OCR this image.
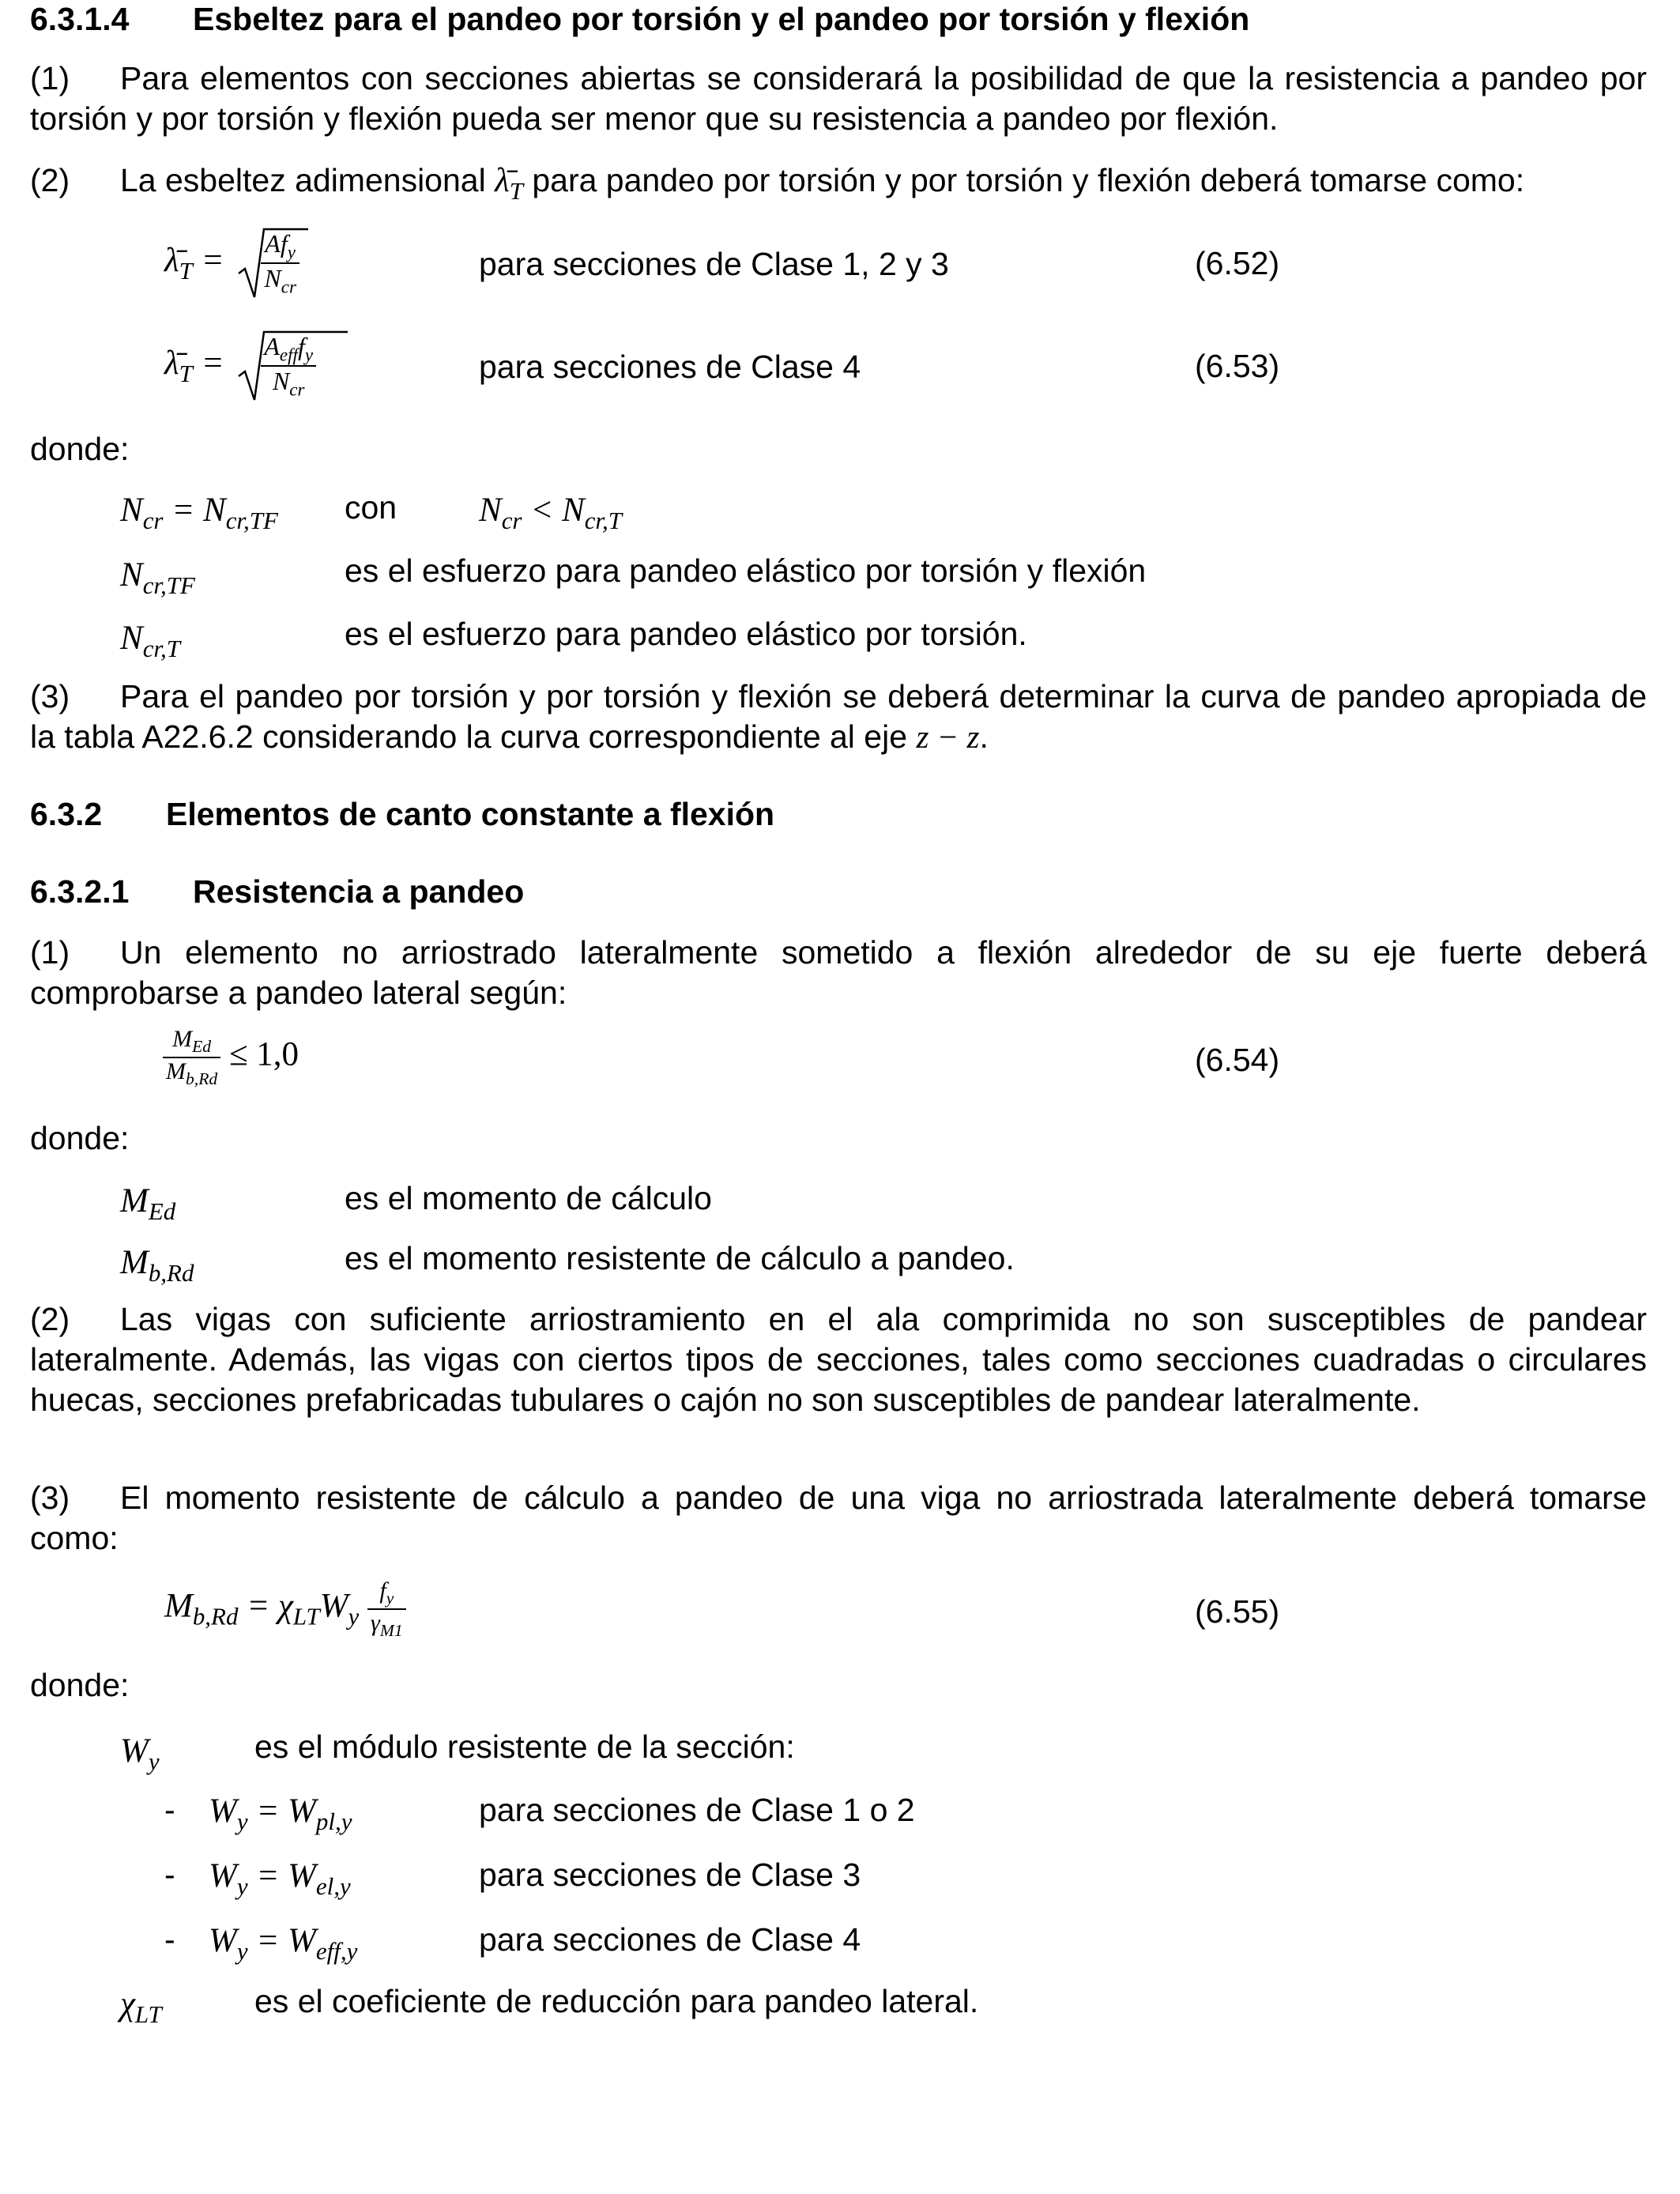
6.3.1.4 Esbeltez para el pandeo por torsión y el pandeo por torsión y flexión
(1) Para elementos con secciones abiertas se considerará la posibilidad de que la resistencia a pandeo por torsión y por torsión y flexión pueda ser menor que su resistencia a pandeo por flexión.
(2) La esbeltez adimensional $\lambdā_T$ para pandeo por torsión y por torsión y flexión deberá tomarse como:
$\lambdā_T = \frac{Af_y}{N_{cr}}$	para secciones de Clase 1, 2 y 3	(6.52)
$\lambdā_T = \frac{A_{eff}f_y}{N_{cr}}$	para secciones de Clase 4	(6.53)
donde:
$N_{cr} = N_{cr,TF}$ con $N_{cr} < N_{cr,T}$
$N_{cr,TF}$	es el esfuerzo para pandeo elástico por torsión y flexión
$N_{cr,T}$	es el esfuerzo para pandeo elástico por torsión.
(3) Para el pandeo por torsión y por torsión y flexión se deberá determinar la curva de pandeo apropiada de la tabla A22.6.2 considerando la curva correspondiente al eje z − z.
6.3.2 Elementos de canto constante a flexión
6.3.2.1 Resistencia a pandeo
(1) Un elemento no arriostrado lateralmente sometido a flexión alrededor de su eje fuerte deberá comprobarse a pandeo lateral según:
$\frac{M_{Ed}}{M_{b,Rd}} \le 1,0$	(6.54)
donde:
$M_{Ed}$	es el momento de cálculo
$M_{b,Rd}$	es el momento resistente de cálculo a pandeo.
(2) Las vigas con suficiente arriostramiento en el ala comprimida no son susceptibles de pandear lateralmente. Además, las vigas con ciertos tipos de secciones, tales como secciones cuadradas o circulares huecas, secciones prefabricadas tubulares o cajón no son susceptibles de pandear lateralmente.
(3) El momento resistente de cálculo a pandeo de una viga no arriostrada lateralmente deberá tomarse como:
$M_{b,Rd} = \chi_{LT}W_y \frac{f_y}{\gamma_{M1}}$	(6.55)
donde:
$W_y$	es el módulo resistente de la sección:
- $W_y = W_{pl,y}$	para secciones de Clase 1 o 2
- $W_y = W_{el,y}$	para secciones de Clase 3
- $W_y = W_{eff,y}$	para secciones de Clase 4
$\chi_{LT}$	es el coeficiente de reducción para pandeo lateral.
